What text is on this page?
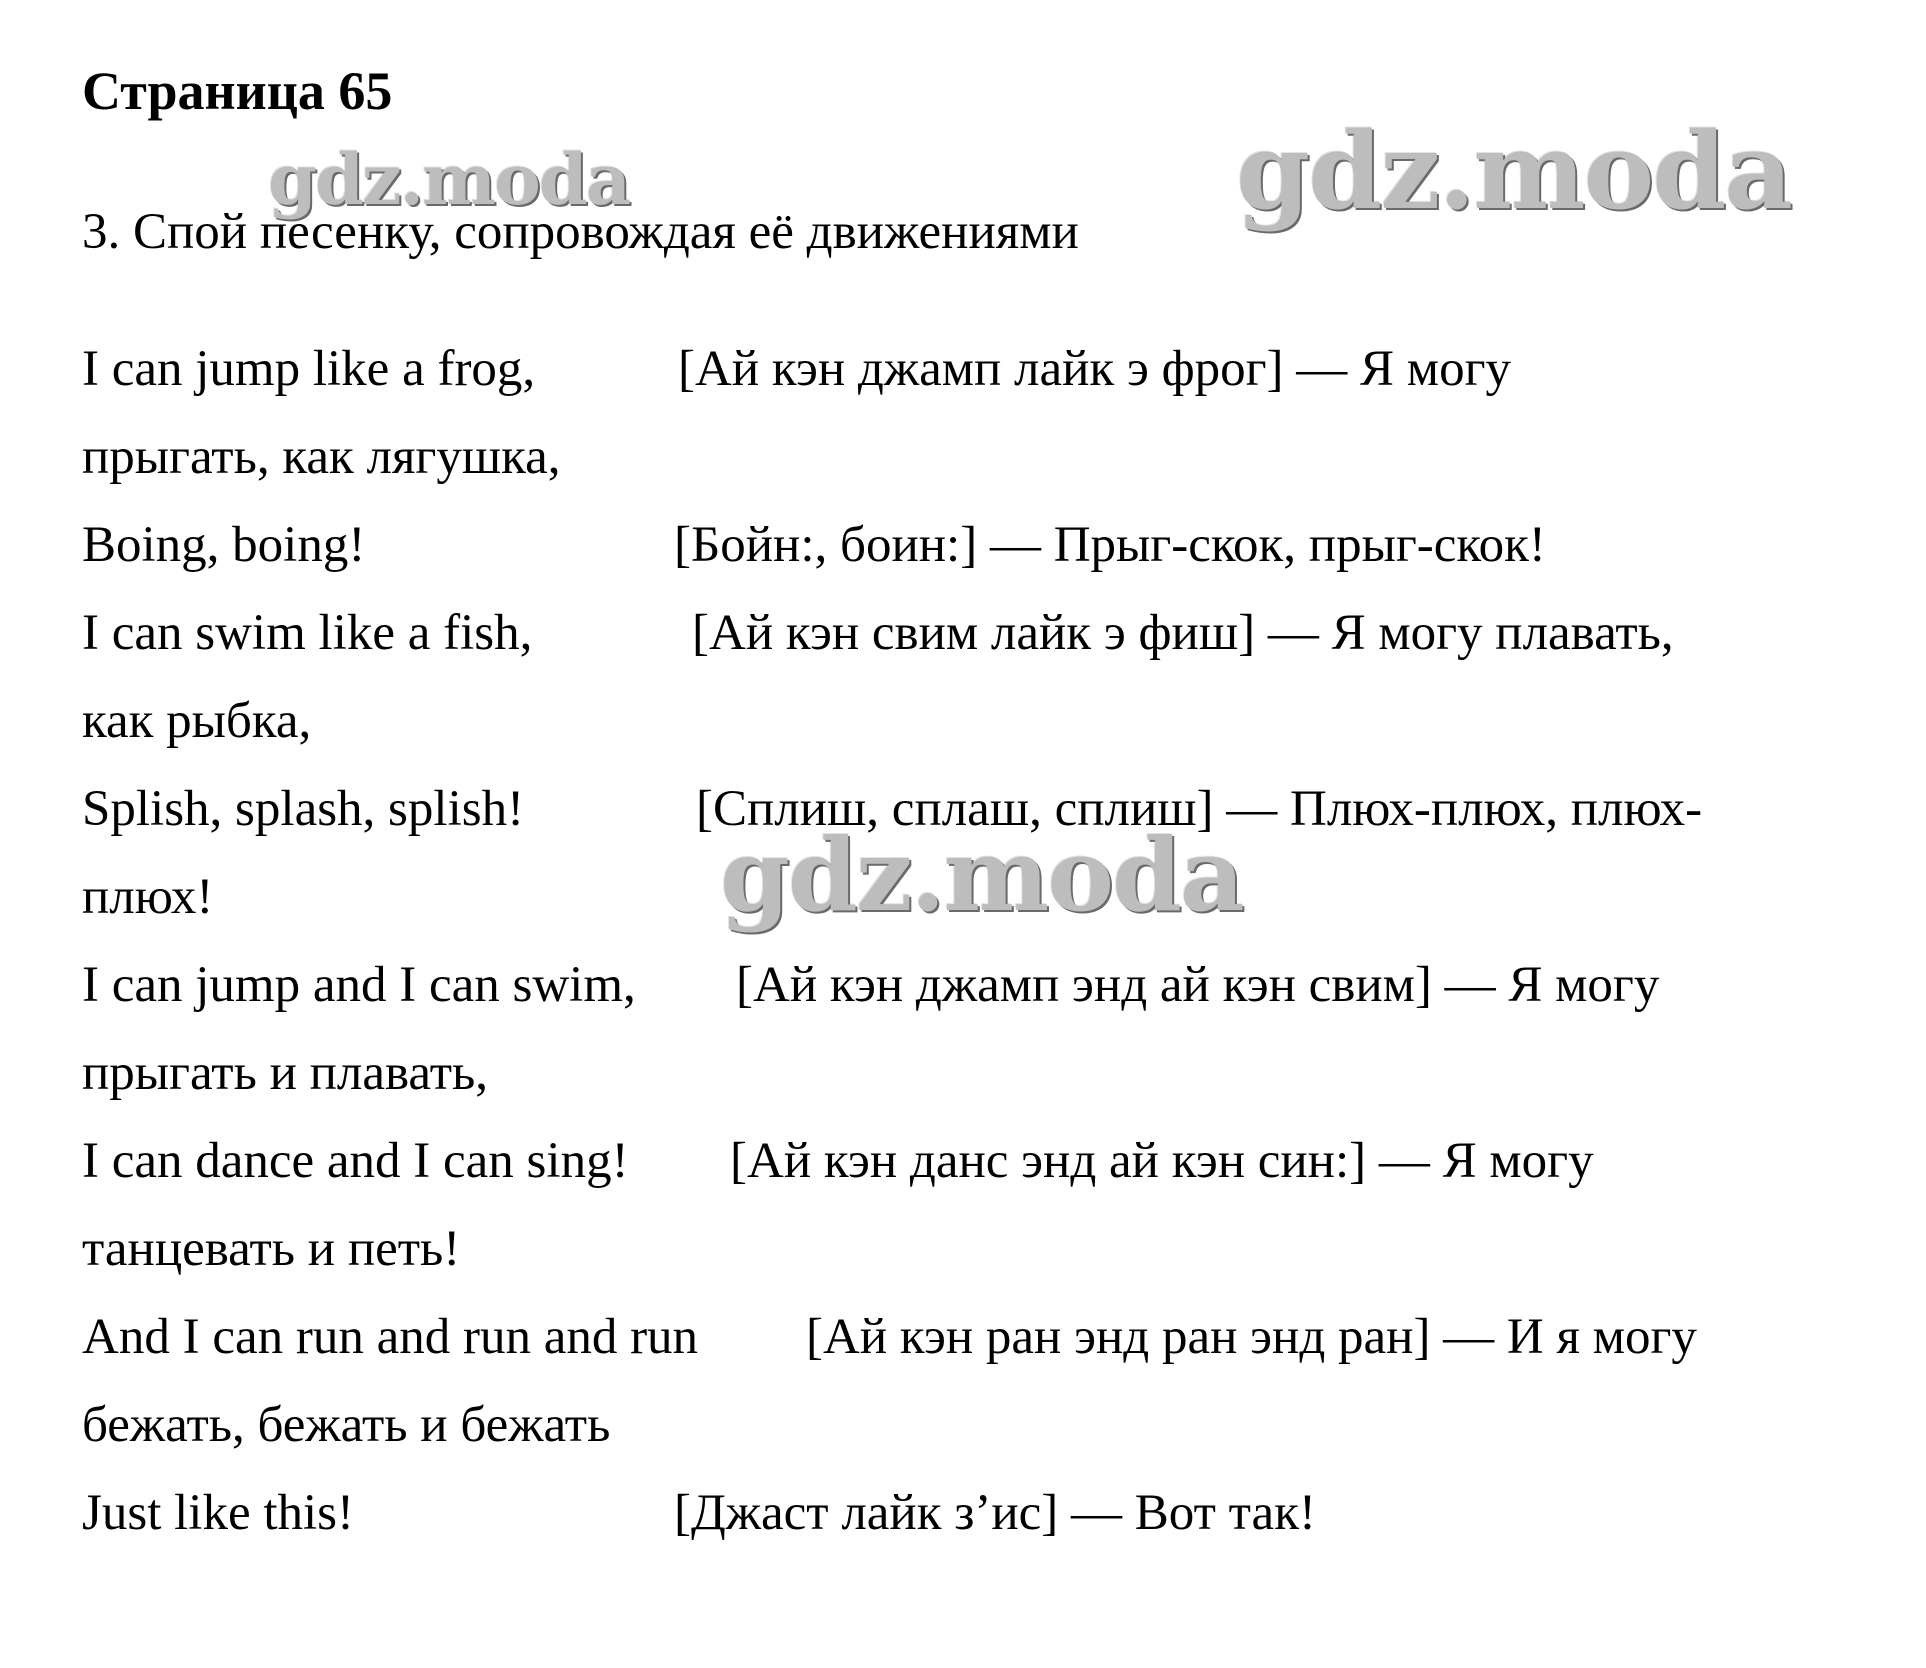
Страница 65
gdz.moda	gdz.moda
gdz.moda
3. Спой песенку, сопровождая её движениями
I can jump like a frog,	[Ай кэн джамп лайк э фрог] — Я могу
прыгать, как лягушка,
Boing, boing!	[Бойн:, боин:] — Прыг-скок, прыг-скок!
I can swim like a fish,	[Ай кэн свим лайк э фиш] — Я могу плавать,
как рыбка,
Splish, splash, splish!	[Сплиш, сплаш, сплиш] — Плюх-плюх, плюх-
плюх!
I can jump and I can swim, [Ай кэн джамп энд ай кэн свим] — Я могу
прыгать и плавать,
I can dance and I can sing! [Ай кэн данс энд ай кэн син:] — Я могу
танцевать и петь!
And I can run and run and run [Ай кэн ран энд ран энд ран] — И я могу
бежать, бежать и бежать
Just like this!	[Джаст лайк з’ис] — Вот так!
